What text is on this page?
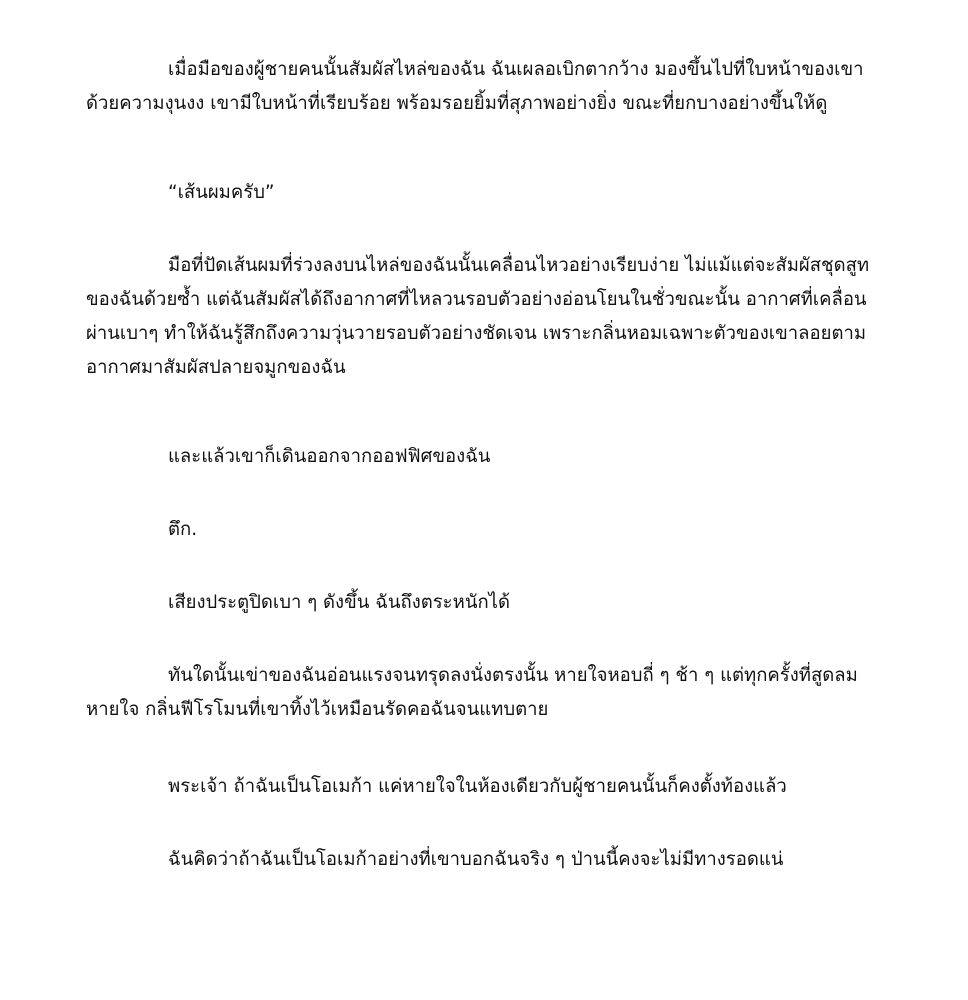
เมื่อมือของผู้ชายคนนั้นสัมผัสไหล่ของฉัน ฉันเผลอเบิกตากว้าง มองขึ้นไปที่ใบหน้าของเขาด้วยความงุนงง เขามีใบหน้าที่เรียบร้อย พร้อมรอยยิ้มที่สุภาพอย่างยิ่ง ขณะที่ยกบางอย่างขึ้นให้ดู

“เส้นผมครับ”

มือที่ปัดเส้นผมที่ร่วงลงบนไหล่ของฉันนั้นเคลื่อนไหวอย่างเรียบง่าย ไม่แม้แต่จะสัมผัสชุดสูทของฉันด้วยซ้ำ แต่ฉันสัมผัสได้ถึงอากาศที่ไหลวนรอบตัวอย่างอ่อนโยนในชั่วขณะนั้น อากาศที่เคลื่อนผ่านเบาๆ ทำให้ฉันรู้สึกถึงความวุ่นวายรอบตัวอย่างชัดเจน เพราะกลิ่นหอมเฉพาะตัวของเขาลอยตามอากาศมาสัมผัสปลายจมูกของฉัน

และแล้วเขาก็เดินออกจากออฟฟิศของฉัน

ตึก.

เสียงประตูปิดเบา ๆ ดังขึ้น ฉันถึงตระหนักได้

ทันใดนั้นเข่าของฉันอ่อนแรงจนทรุดลงนั่งตรงนั้น หายใจหอบถี่ ๆ ช้า ๆ แต่ทุกครั้งที่สูดลมหายใจ กลิ่นฟีโรโมนที่เขาทิ้งไว้เหมือนรัดคอฉันจนแทบตาย

พระเจ้า ถ้าฉันเป็นโอเมก้า แค่หายใจในห้องเดียวกับผู้ชายคนนั้นก็คงตั้งท้องแล้ว

ฉันคิดว่าถ้าฉันเป็นโอเมก้าอย่างที่เขาบอกฉันจริง ๆ ป่านนี้คงจะไม่มีทางรอดแน่
